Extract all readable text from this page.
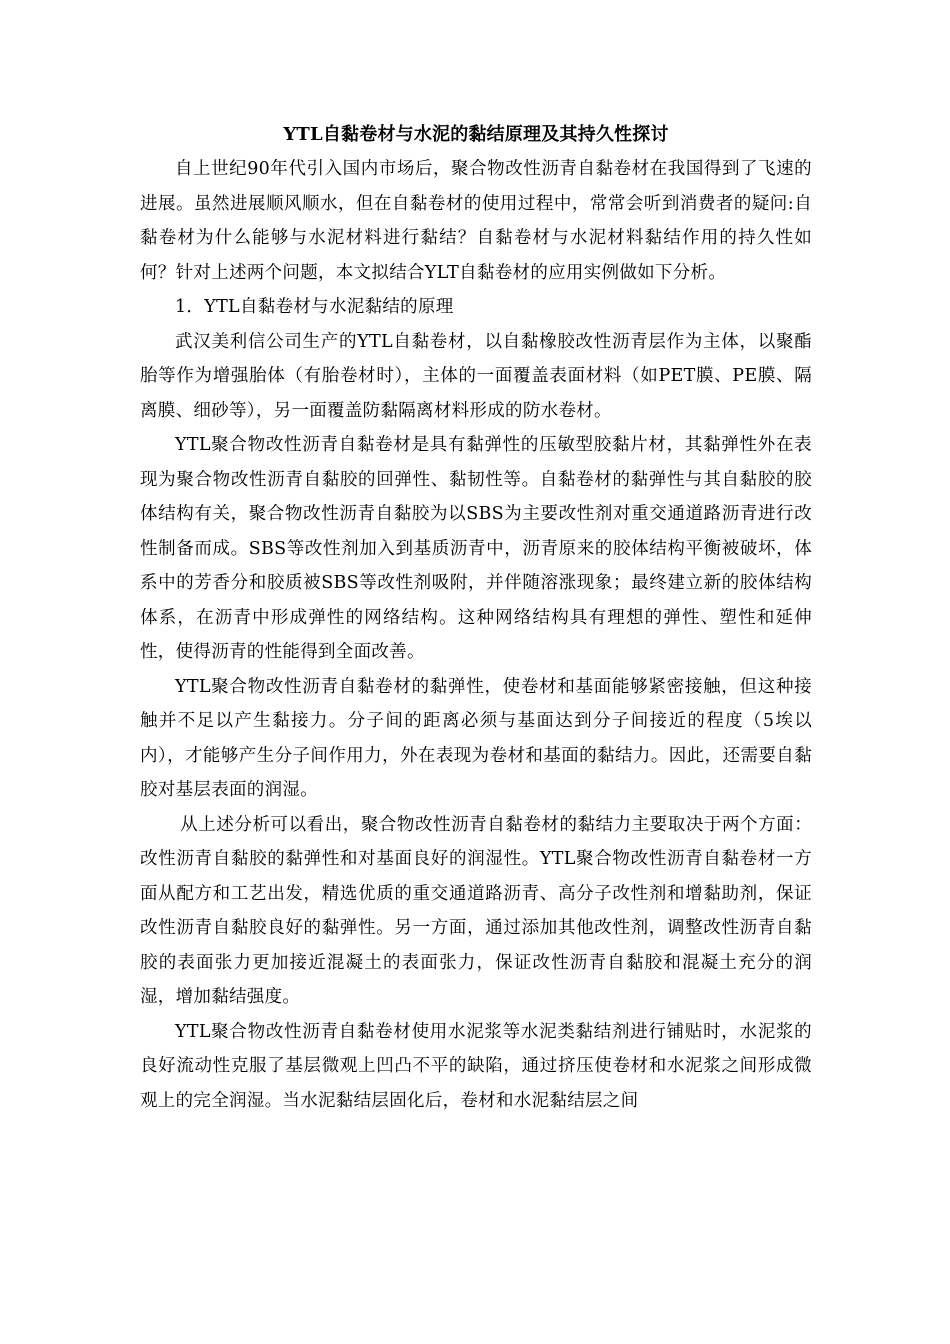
YTL自黏卷材与水泥的黏结原理及其持久性探讨

自上世纪90年代引入国内市场后，聚合物改性沥青自黏卷材在我国得到了飞速的进展。虽然进展顺风顺水，但在自黏卷材的使用过程中，常常会听到消费者的疑问:自黏卷材为什么能够与水泥材料进行黏结？自黏卷材与水泥材料黏结作用的持久性如何？针对上述两个问题，本文拟结合YLT自黏卷材的应用实例做如下分析。

1．YTL自黏卷材与水泥黏结的原理

武汉美利信公司生产的YTL自黏卷材，以自黏橡胶改性沥青层作为主体，以聚酯胎等作为增强胎体（有胎卷材时），主体的一面覆盖表面材料（如PET膜、PE膜、隔离膜、细砂等），另一面覆盖防黏隔离材料形成的防水卷材。

YTL聚合物改性沥青自黏卷材是具有黏弹性的压敏型胶黏片材，其黏弹性外在表现为聚合物改性沥青自黏胶的回弹性、黏韧性等。自黏卷材的黏弹性与其自黏胶的胶体结构有关，聚合物改性沥青自黏胶为以SBS为主要改性剂对重交通道路沥青进行改性制备而成。SBS等改性剂加入到基质沥青中，沥青原来的胶体结构平衡被破坏，体系中的芳香分和胶质被SBS等改性剂吸附，并伴随溶涨现象；最终建立新的胶体结构体系，在沥青中形成弹性的网络结构。这种网络结构具有理想的弹性、塑性和延伸性，使得沥青的性能得到全面改善。

YTL聚合物改性沥青自黏卷材的黏弹性，使卷材和基面能够紧密接触，但这种接触并不足以产生黏接力。分子间的距离必须与基面达到分子间接近的程度（5埃以内），才能够产生分子间作用力，外在表现为卷材和基面的黏结力。因此，还需要自黏胶对基层表面的润湿。

从上述分析可以看出，聚合物改性沥青自黏卷材的黏结力主要取决于两个方面：改性沥青自黏胶的黏弹性和对基面良好的润湿性。YTL聚合物改性沥青自黏卷材一方面从配方和工艺出发，精选优质的重交通道路沥青、高分子改性剂和增黏助剂，保证改性沥青自黏胶良好的黏弹性。另一方面，通过添加其他改性剂，调整改性沥青自黏胶的表面张力更加接近混凝土的表面张力，保证改性沥青自黏胶和混凝土充分的润湿，增加黏结强度。

YTL聚合物改性沥青自黏卷材使用水泥浆等水泥类黏结剂进行铺贴时，水泥浆的良好流动性克服了基层微观上凹凸不平的缺陷，通过挤压使卷材和水泥浆之间形成微观上的完全润湿。当水泥黏结层固化后，卷材和水泥黏结层之间
